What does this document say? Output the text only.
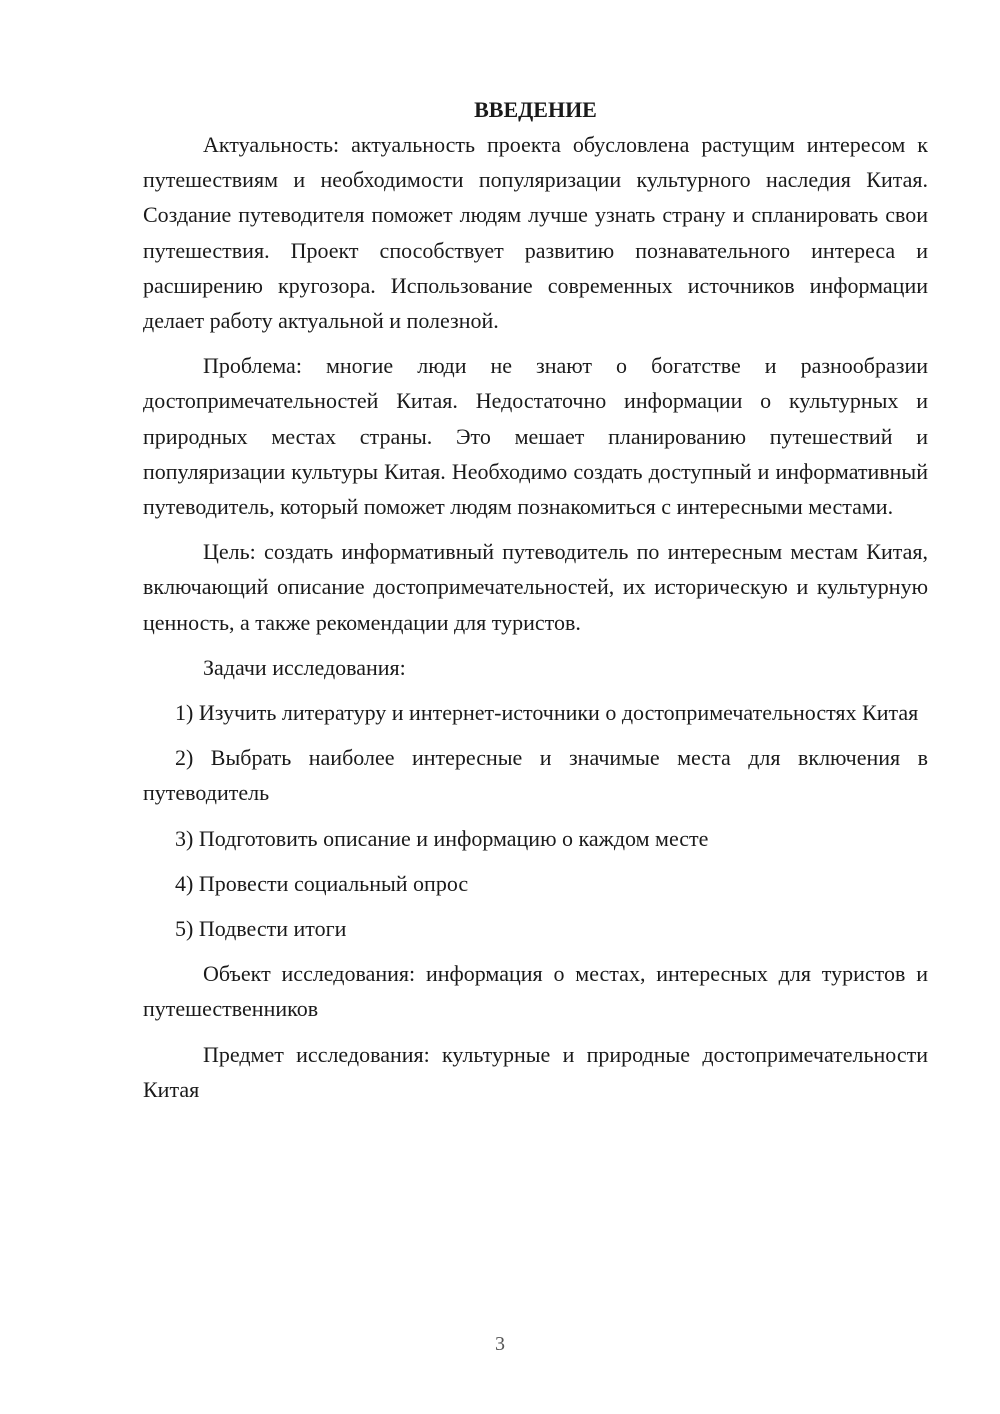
ВВЕДЕНИЕ

Актуальность: актуальность проекта обусловлена растущим интересом к путешествиям и необходимости популяризации культурного наследия Китая. Создание путеводителя поможет людям лучше узнать страну и спланировать свои путешествия. Проект способствует развитию познавательного интереса и расширению кругозора. Использование современных источников информации делает работу актуальной и полезной.

Проблема: многие люди не знают о богатстве и разнообразии достопримечательностей Китая. Недостаточно информации о культурных и природных местах страны. Это мешает планированию путешествий и популяризации культуры Китая. Необходимо создать доступный и информативный путеводитель, который поможет людям познакомиться с интересными местами.

Цель: создать информативный путеводитель по интересным местам Китая, включающий описание достопримечательностей, их историческую и культурную ценность, а также рекомендации для туристов.

Задачи исследования:

1) Изучить литературу и интернет-источники о достопримечательностях Китая

2) Выбрать наиболее интересные и значимые места для включения в путеводитель

3) Подготовить описание и информацию о каждом месте

4) Провести социальный опрос

5) Подвести итоги

Объект исследования: информация о местах, интересных для туристов и путешественников

Предмет исследования: культурные и природные достопримечательности Китая

3
